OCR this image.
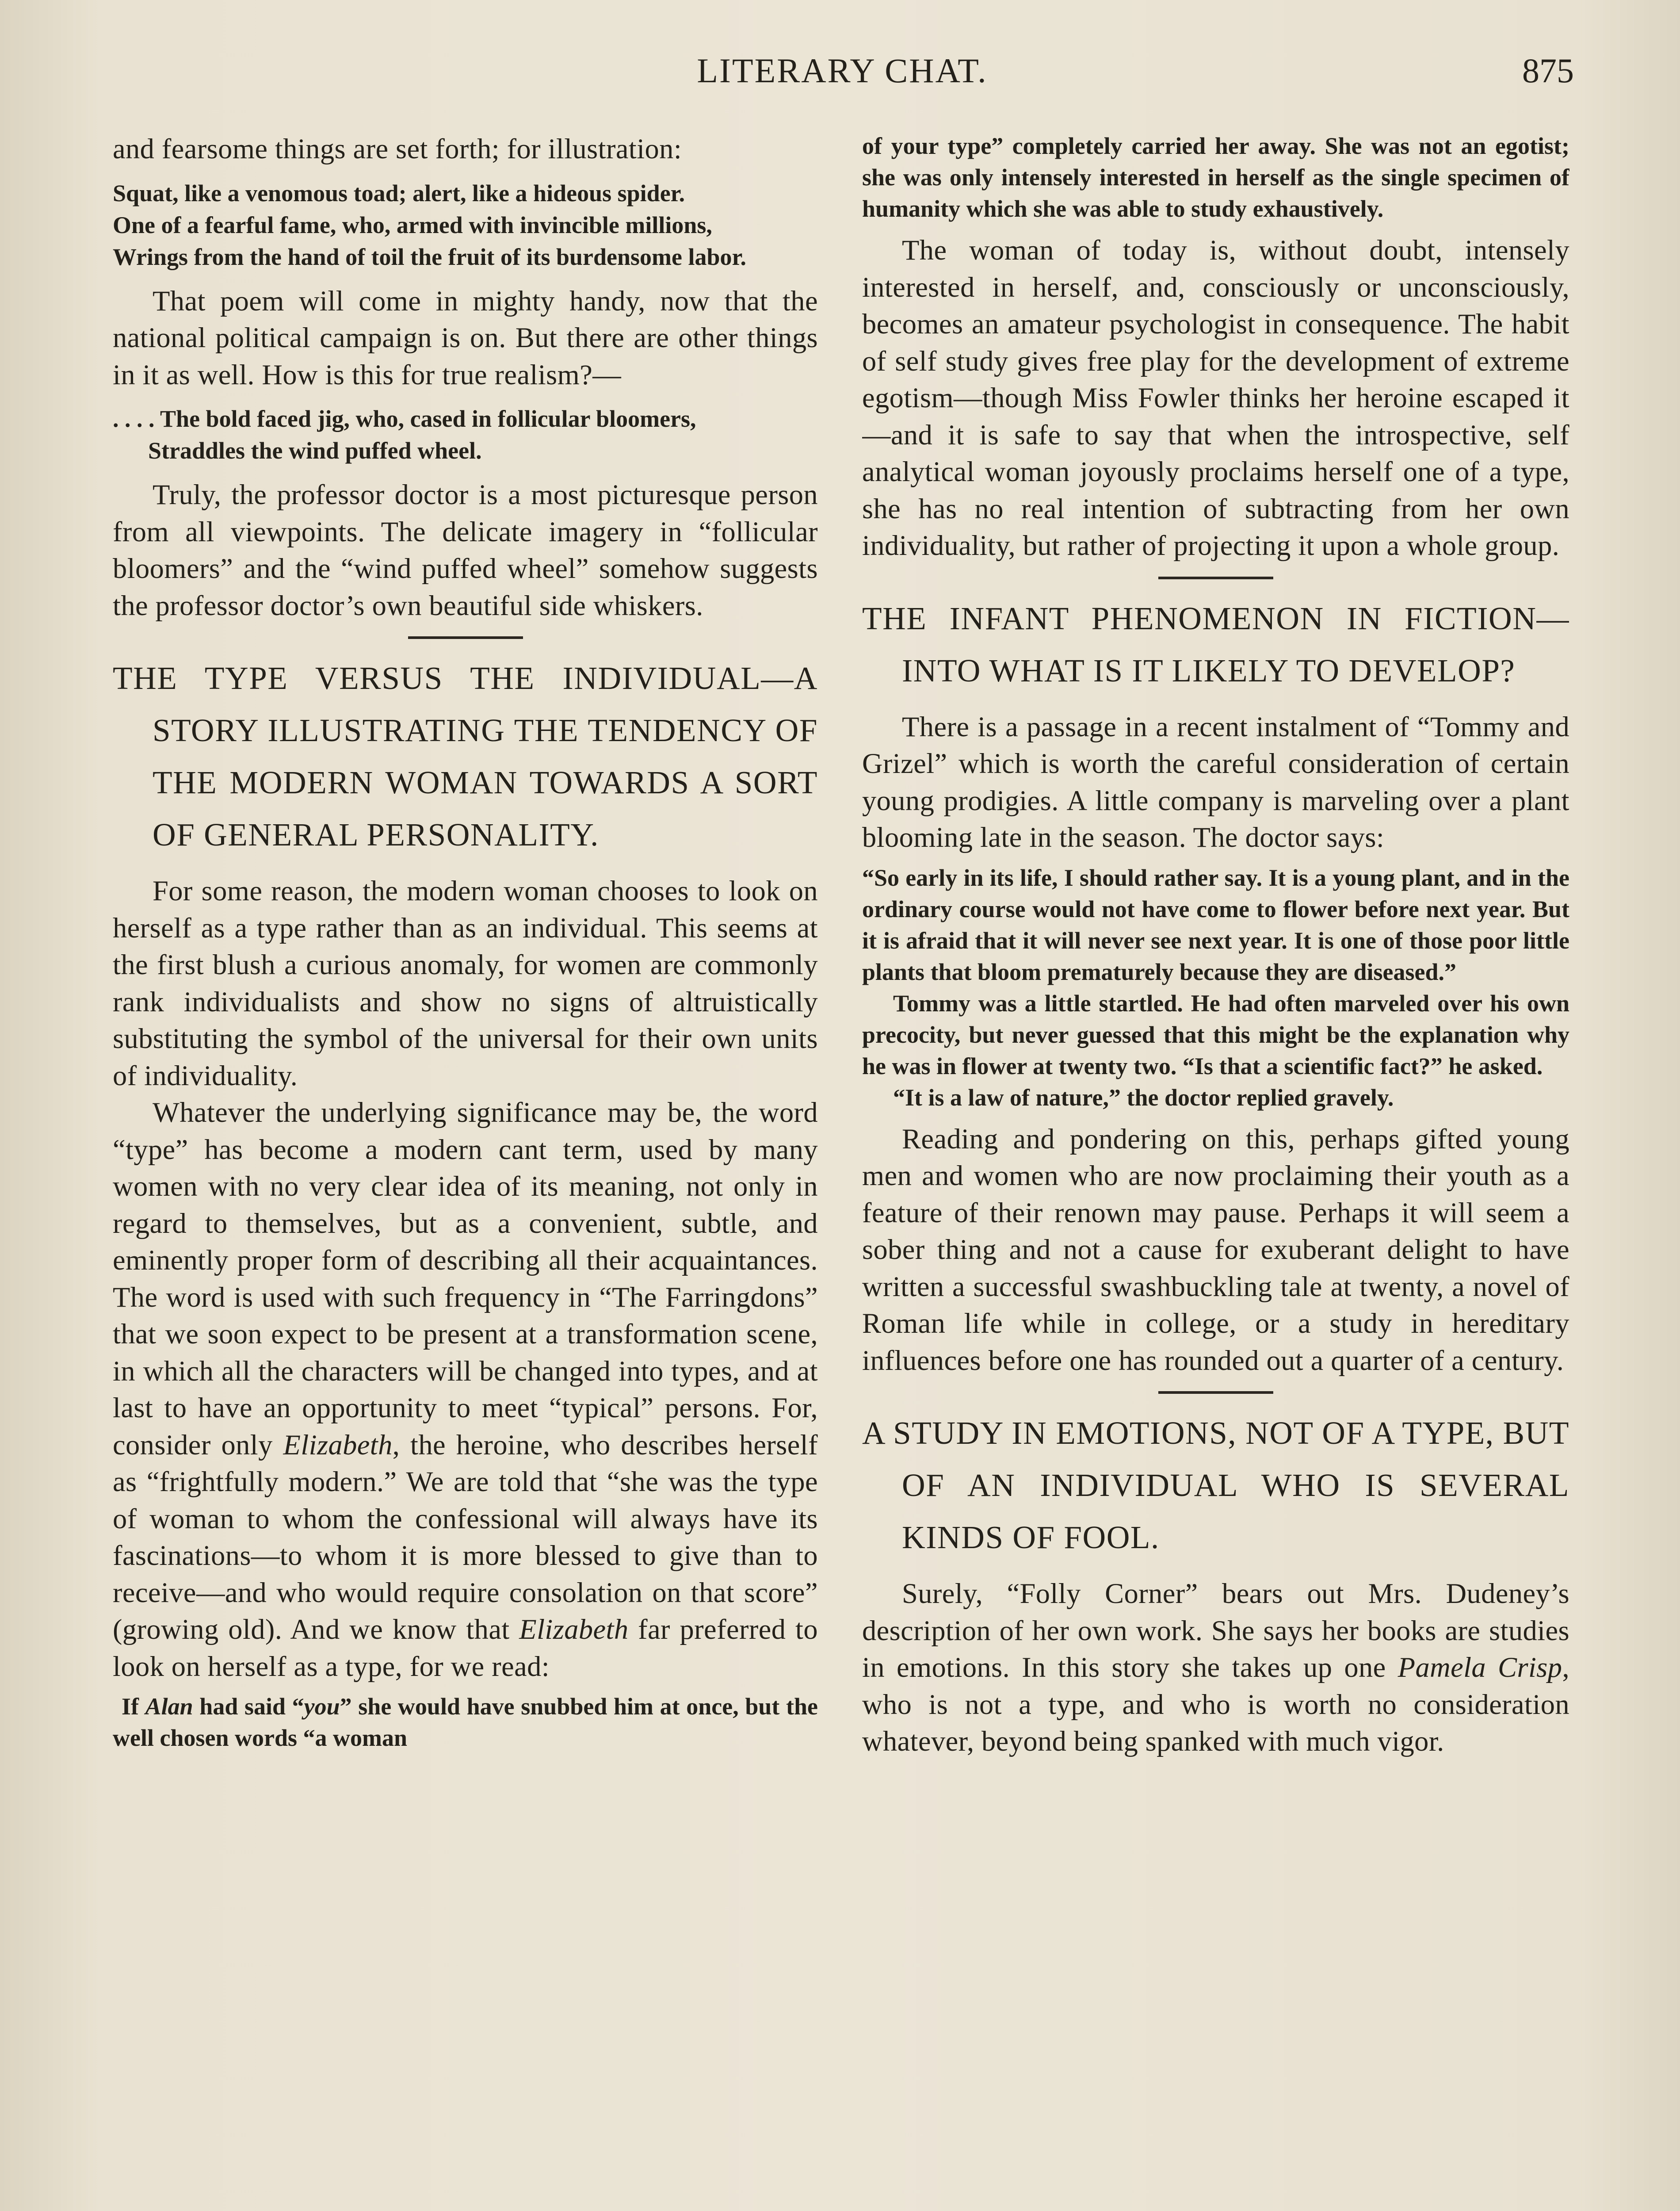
LITERARY CHAT.	875

and fearsome things are set forth; for illustration:

Squat, like a venomous toad; alert, like a hideous spider.

One of a fearful fame, who, armed with invincible millions,

Wrings from the hand of toil the fruit of its burdensome labor.

That poem will come in mighty handy, now that the national political campaign is on. But there are other things in it as well. How is this for true realism?—

. . . . The bold faced jig, who, cased in follicular bloomers,

Straddles the wind puffed wheel.

Truly, the professor doctor is a most picturesque person from all viewpoints. The delicate imagery in “follicular bloomers” and the “wind puffed wheel” somehow suggests the professor doctor’s own beautiful side whiskers.

THE TYPE VERSUS THE INDIVIDUAL—A STORY ILLUSTRATING THE TENDENCY OF THE MODERN WOMAN TOWARDS A SORT OF GENERAL PERSONALITY.

For some reason, the modern woman chooses to look on herself as a type rather than as an individual. This seems at the first blush a curious anomaly, for women are commonly rank individualists and show no signs of altruistically substituting the symbol of the universal for their own units of individuality.

Whatever the underlying significance may be, the word “type” has become a modern cant term, used by many women with no very clear idea of its meaning, not only in regard to themselves, but as a convenient, subtle, and eminently proper form of describing all their acquaintances. The word is used with such frequency in “The Farringdons” that we soon expect to be present at a transformation scene, in which all the characters will be changed into types, and at last to have an opportunity to meet “typical” persons. For, consider only Elizabeth, the heroine, who describes herself as “frightfully modern.” We are told that “she was the type of woman to whom the confessional will always have its fascinations—to whom it is more blessed to give than to receive—and who would require consolation on that score” (growing old). And we know that Elizabeth far preferred to look on herself as a type, for we read:

If Alan had said “you” she would have snubbed him at once, but the well chosen words “a woman

of your type” completely carried her away. She was not an egotist; she was only intensely interested in herself as the single specimen of humanity which she was able to study exhaustively.

The woman of today is, without doubt, intensely interested in herself, and, consciously or unconsciously, becomes an amateur psychologist in consequence. The habit of self study gives free play for the development of extreme egotism—though Miss Fowler thinks her heroine escaped it—and it is safe to say that when the introspective, self analytical woman joyously proclaims herself one of a type, she has no real intention of subtracting from her own individuality, but rather of projecting it upon a whole group.

THE INFANT PHENOMENON IN FICTION—INTO WHAT IS IT LIKELY TO DEVELOP?

There is a passage in a recent instalment of “Tommy and Grizel” which is worth the careful consideration of certain young prodigies. A little company is marveling over a plant blooming late in the season. The doctor says:

“So early in its life, I should rather say. It is a young plant, and in the ordinary course would not have come to flower before next year. But it is afraid that it will never see next year. It is one of those poor little plants that bloom prematurely because they are diseased.”

Tommy was a little startled. He had often marveled over his own precocity, but never guessed that this might be the explanation why he was in flower at twenty two. “Is that a scientific fact?” he asked.

“It is a law of nature,” the doctor replied gravely.

Reading and pondering on this, perhaps gifted young men and women who are now proclaiming their youth as a feature of their renown may pause. Perhaps it will seem a sober thing and not a cause for exuberant delight to have written a successful swashbuckling tale at twenty, a novel of Roman life while in college, or a study in hereditary influences before one has rounded out a quarter of a century.

A STUDY IN EMOTIONS, NOT OF A TYPE, BUT OF AN INDIVIDUAL WHO IS SEVERAL KINDS OF FOOL.

Surely, “Folly Corner” bears out Mrs. Dudeney’s description of her own work. She says her books are studies in emotions. In this story she takes up one Pamela Crisp, who is not a type, and who is worth no consideration whatever, beyond being spanked with much vigor.
